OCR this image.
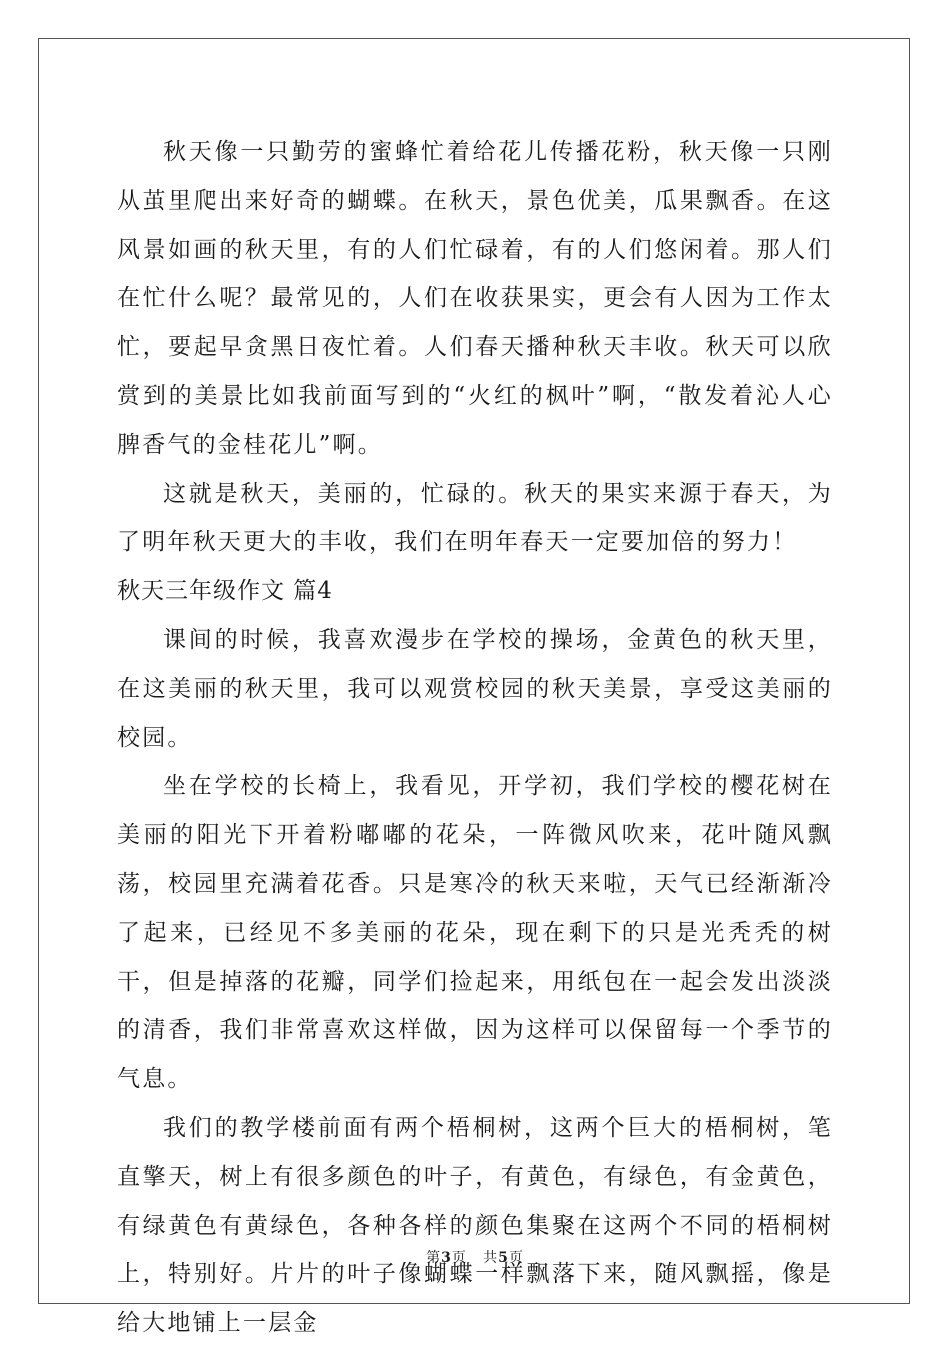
秋天像一只勤劳的蜜蜂忙着给花儿传播花粉，秋天像一只刚从茧里爬出来好奇的蝴蝶。在秋天，景色优美，瓜果飘香。在这风景如画的秋天里，有的人们忙碌着，有的人们悠闲着。那人们在忙什么呢？最常见的，人们在收获果实，更会有人因为工作太忙，要起早贪黑日夜忙着。人们春天播种秋天丰收。秋天可以欣赏到的美景比如我前面写到的“火红的枫叶”啊，“散发着沁人心脾香气的金桂花儿”啊。

这就是秋天，美丽的，忙碌的。秋天的果实来源于春天，为了明年秋天更大的丰收，我们在明年春天一定要加倍的努力！

秋天三年级作文 篇4

课间的时候，我喜欢漫步在学校的操场，金黄色的秋天里，在这美丽的秋天里，我可以观赏校园的秋天美景，享受这美丽的校园。

坐在学校的长椅上，我看见，开学初，我们学校的樱花树在美丽的阳光下开着粉嘟嘟的花朵，一阵微风吹来，花叶随风飘荡，校园里充满着花香。只是寒冷的秋天来啦，天气已经渐渐冷了起来，已经见不多美丽的花朵，现在剩下的只是光秃秃的树干，但是掉落的花瓣，同学们捡起来，用纸包在一起会发出淡淡的清香，我们非常喜欢这样做，因为这样可以保留每一个季节的气息。

我们的教学楼前面有两个梧桐树，这两个巨大的梧桐树，笔直擎天，树上有很多颜色的叶子，有黄色，有绿色，有金黄色，有绿黄色有黄绿色，各种各样的颜色集聚在这两个不同的梧桐树上，特别好。片片的叶子像蝴蝶一样飘落下来，随风飘摇，像是给大地铺上一层金

第3页 共5页
